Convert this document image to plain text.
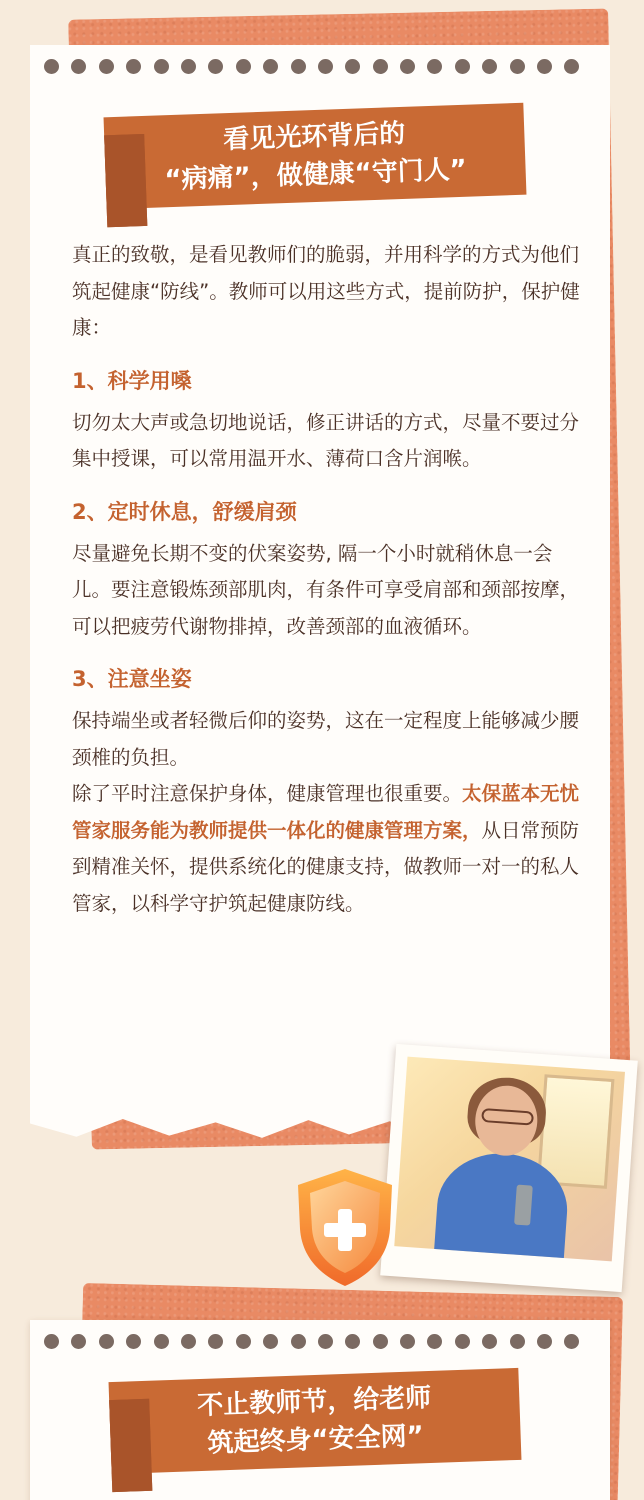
看见光环背后的
“病痛”，做健康“守门人”

真正的致敬，是看见教师们的脆弱，并用科学的方式为他们筑起健康“防线”。教师可以用这些方式，提前防护，保护健康：

1、科学用嗓

切勿太大声或急切地说话，修正讲话的方式，尽量不要过分集中授课，可以常用温开水、薄荷口含片润喉。

2、定时休息，舒缓肩颈

尽量避免长期不变的伏案姿势, 隔一个小时就稍休息一会儿。要注意锻炼颈部肌肉，有条件可享受肩部和颈部按摩，可以把疲劳代谢物排掉，改善颈部的血液循环。

3、注意坐姿

保持端坐或者轻微后仰的姿势，这在一定程度上能够减少腰颈椎的负担。

除了平时注意保护身体，健康管理也很重要。太保蓝本无忧管家服务能为教师提供一体化的健康管理方案，从日常预防到精准关怀，提供系统化的健康支持，做教师一对一的私人管家，以科学守护筑起健康防线。

不止教师节，给老师
筑起终身“安全网”
